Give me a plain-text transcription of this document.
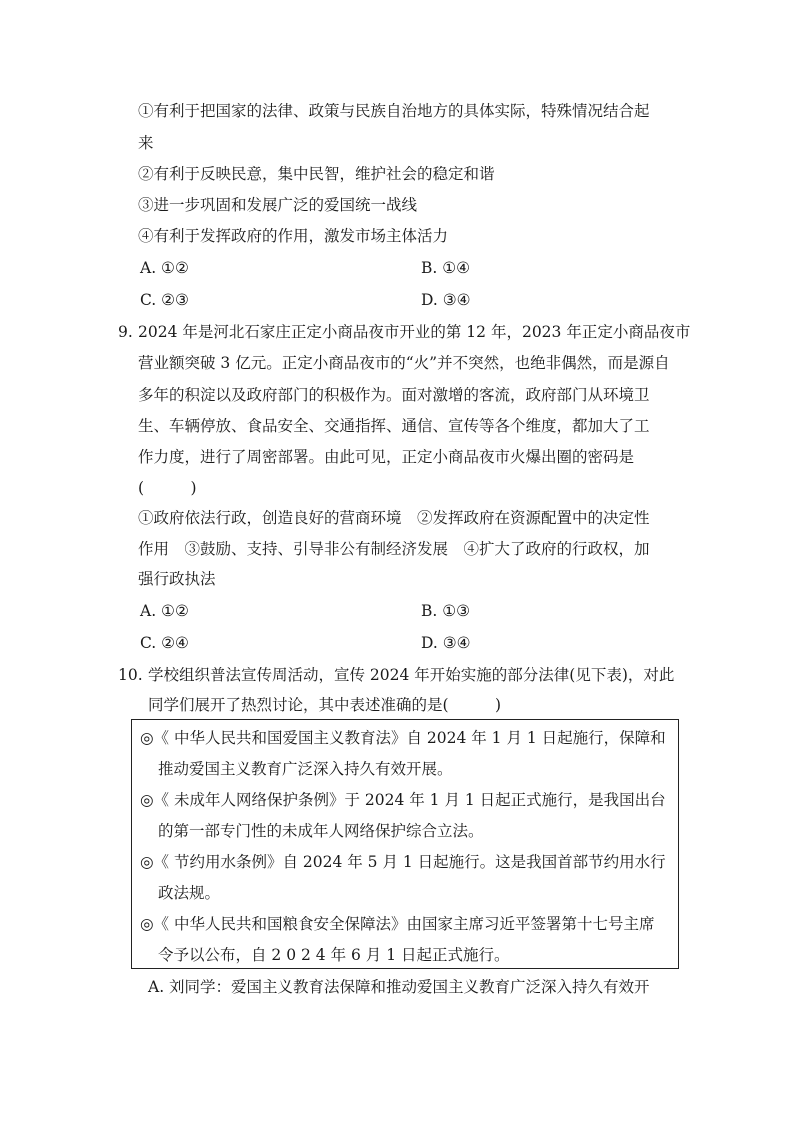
①有利于把国家的法律、政策与民族自治地方的具体实际，特殊情况结合起
来
②有利于反映民意，集中民智，维护社会的稳定和谐
③进一步巩固和发展广泛的爱国统一战线
④有利于发挥政府的作用，激发市场主体活力
A. ①②	B. ①④
C. ②③	D. ③④
9. 2024 年是河北石家庄正定小商品夜市开业的第 12 年，2023 年正定小商品夜市
营业额突破 3 亿元。正定小商品夜市的“火”并不突然，也绝非偶然，而是源自
多年的积淀以及政府部门的积极作为。面对激增的客流，政府部门从环境卫
生、车辆停放、食品安全、交通指挥、通信、宣传等各个维度，都加大了工
作力度，进行了周密部署。由此可见，正定小商品夜市火爆出圈的密码是
(　　　)
①政府依法行政，创造良好的营商环境　②发挥政府在资源配置中的决定性
作用　③鼓励、支持、引导非公有制经济发展　④扩大了政府的行政权，加
强行政执法
A. ①②	B. ①③
C. ②④	D. ③④
10. 学校组织普法宣传周活动，宣传 2024 年开始实施的部分法律(见下表)，对此
同学们展开了热烈讨论，其中表述准确的是(　　　)
◎《 中华人民共和国爱国主义教育法》自 2024 年 1 月 1 日起施行，保障和
推动爱国主义教育广泛深入持久有效开展。
◎《 未成年人网络保护条例》于 2024 年 1 月 1 日起正式施行，是我国出台
的第一部专门性的未成年人网络保护综合立法。
◎《 节约用水条例》自 2024 年 5 月 1 日起施行。这是我国首部节约用水行
政法规。
◎《 中华人民共和国粮食安全保障法》由国家主席习近平签署第十七号主席
令予以公布，自 2 0 2 4 年 6 月 1 日起正式施行。
A. 刘同学：爱国主义教育法保障和推动爱国主义教育广泛深入持久有效开
